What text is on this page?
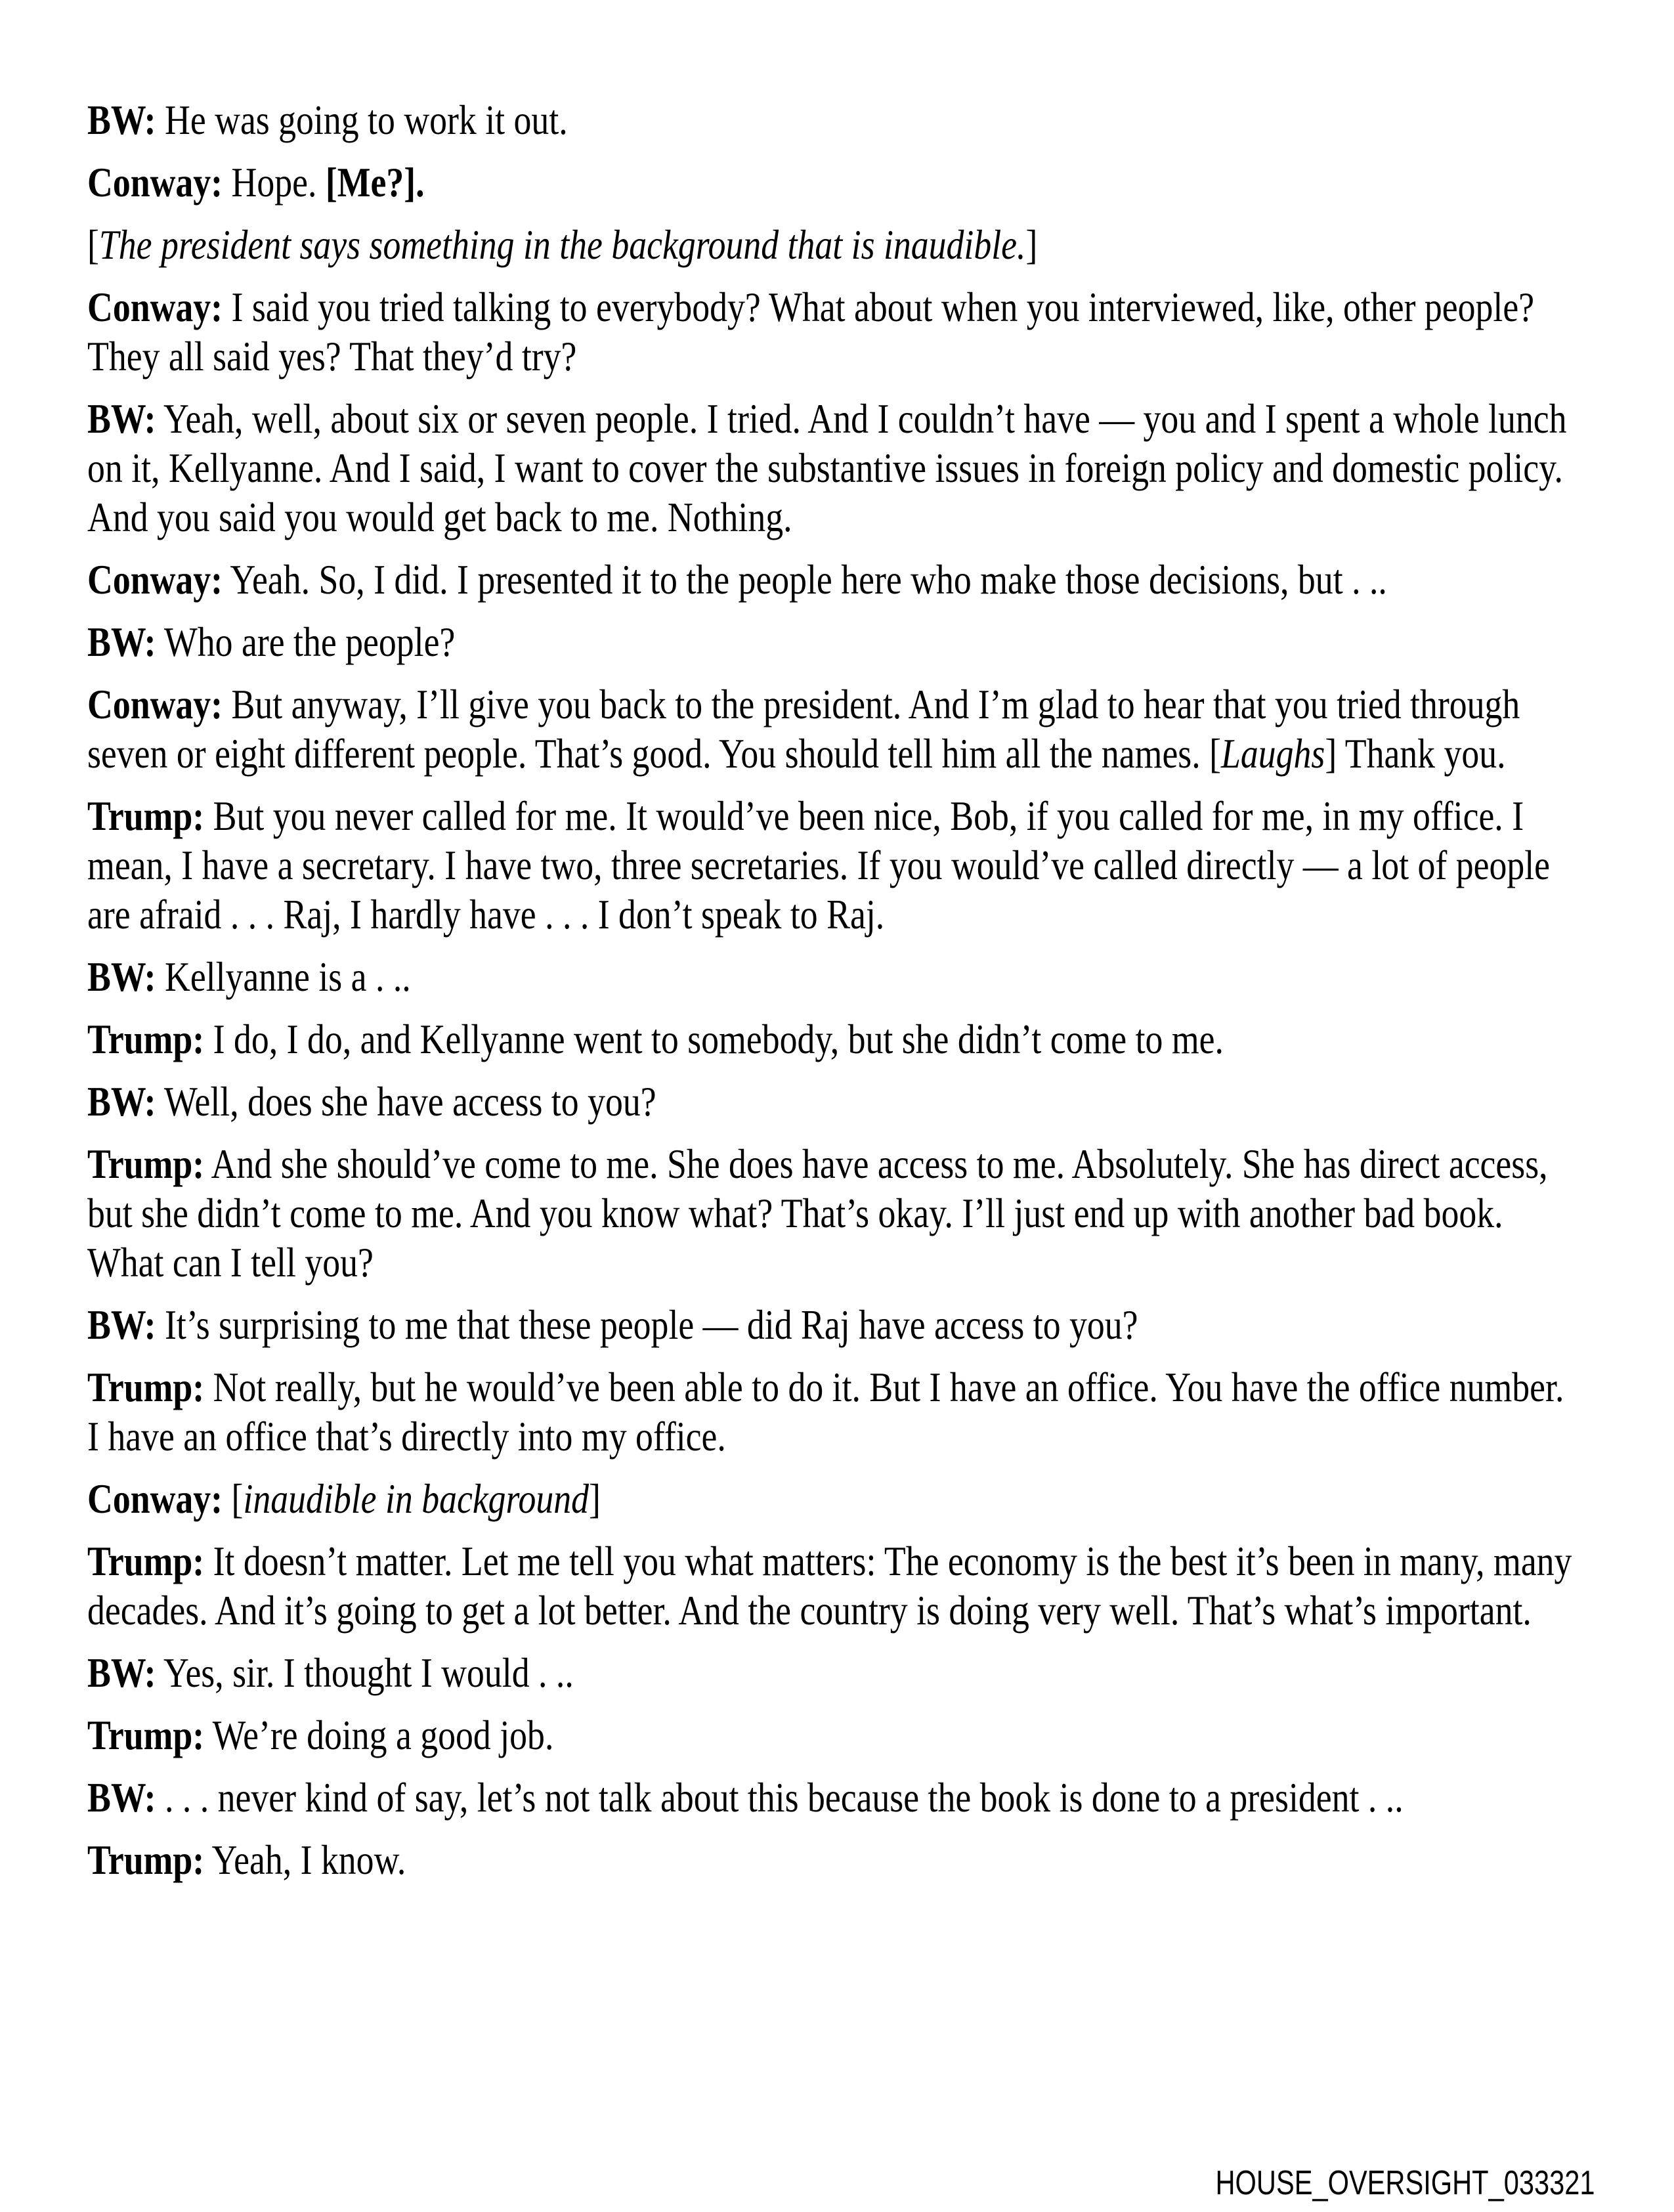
BW: He was going to work it out.

Conway: Hope. [Me?].

[The president says something in the background that is inaudible.]

Conway: I said you tried talking to everybody? What about when you interviewed, like, other people? They all said yes? That they’d try?

BW: Yeah, well, about six or seven people. I tried. And I couldn’t have — you and I spent a whole lunch on it, Kellyanne. And I said, I want to cover the substantive issues in foreign policy and domestic policy. And you said you would get back to me. Nothing.

Conway: Yeah. So, I did. I presented it to the people here who make those decisions, but . ..

BW: Who are the people?

Conway: But anyway, I’ll give you back to the president. And I’m glad to hear that you tried through seven or eight different people. That’s good. You should tell him all the names. [Laughs] Thank you.

Trump: But you never called for me. It would’ve been nice, Bob, if you called for me, in my office. I mean, I have a secretary. I have two, three secretaries. If you would’ve called directly — a lot of people are afraid . . . Raj, I hardly have . . . I don’t speak to Raj.

BW: Kellyanne is a . ..

Trump: I do, I do, and Kellyanne went to somebody, but she didn’t come to me.

BW: Well, does she have access to you?

Trump: And she should’ve come to me. She does have access to me. Absolutely. She has direct access, but she didn’t come to me. And you know what? That’s okay. I’ll just end up with another bad book. What can I tell you?

BW: It’s surprising to me that these people — did Raj have access to you?

Trump: Not really, but he would’ve been able to do it. But I have an office. You have the office number. I have an office that’s directly into my office.

Conway: [inaudible in background]

Trump: It doesn’t matter. Let me tell you what matters: The economy is the best it’s been in many, many decades. And it’s going to get a lot better. And the country is doing very well. That’s what’s important.

BW: Yes, sir. I thought I would . ..

Trump: We’re doing a good job.

BW: . . . never kind of say, let’s not talk about this because the book is done to a president . ..

Trump: Yeah, I know.

HOUSE_OVERSIGHT_033321
